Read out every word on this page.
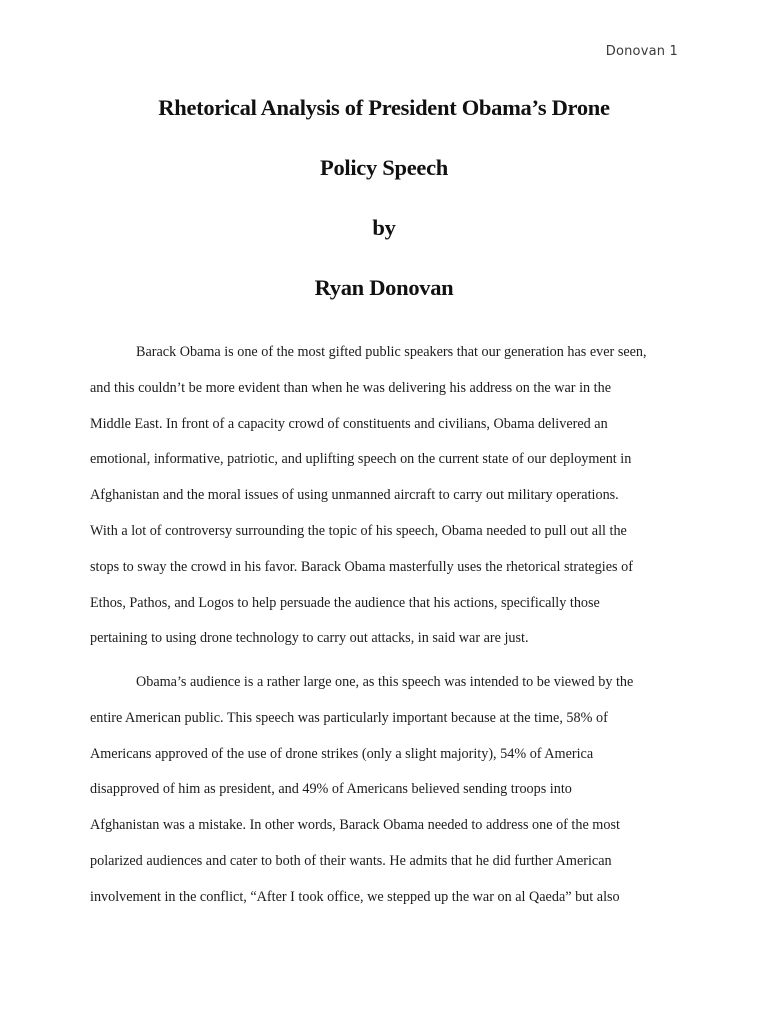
Donovan 1
Rhetorical Analysis of President Obama’s Drone
Policy Speech
by
Ryan Donovan
Barack Obama is one of the most gifted public speakers that our generation has ever seen,
and this couldn’t be more evident than when he was delivering his address on the war in the
Middle East. In front of a capacity crowd of constituents and civilians, Obama delivered an
emotional, informative, patriotic, and uplifting speech on the current state of our deployment in
Afghanistan and the moral issues of using unmanned aircraft to carry out military operations.
With a lot of controversy surrounding the topic of his speech, Obama needed to pull out all the
stops to sway the crowd in his favor. Barack Obama masterfully uses the rhetorical strategies of
Ethos, Pathos, and Logos to help persuade the audience that his actions, specifically those
pertaining to using drone technology to carry out attacks, in said war are just.
Obama’s audience is a rather large one, as this speech was intended to be viewed by the
entire American public. This speech was particularly important because at the time, 58% of
Americans approved of the use of drone strikes (only a slight majority), 54% of America
disapproved of him as president, and 49% of Americans believed sending troops into
Afghanistan was a mistake. In other words, Barack Obama needed to address one of the most
polarized audiences and cater to both of their wants. He admits that he did further American
involvement in the conflict, “After I took office, we stepped up the war on al Qaeda” but also
